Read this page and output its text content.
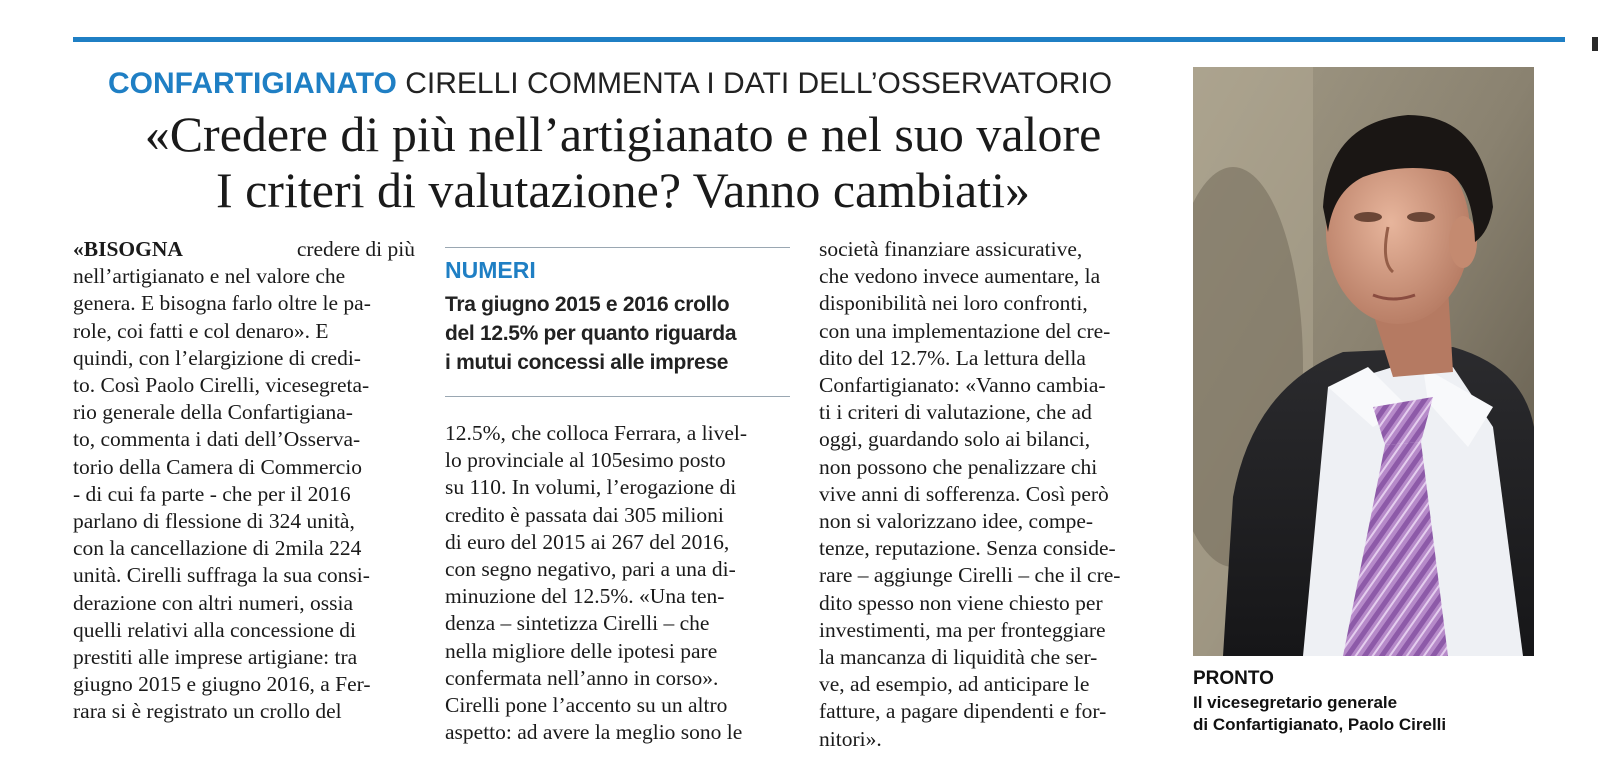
CONFARTIGIANATO CIRELLI COMMENTA I DATI DELL’OSSERVATORIO
«Credere di più nell’artigianato e nel suo valore
I criteri di valutazione? Vanno cambiati»
«BISOGNA	credere di più
nell’artigianato e nel valore che
genera. E bisogna farlo oltre le pa-
role, coi fatti e col denaro». E
quindi, con l’elargizione di credi-
to. Così Paolo Cirelli, vicesegreta-
rio generale della Confartigiana-
to, commenta i dati dell’Osserva-
torio della Camera di Commercio
- di cui fa parte - che per il 2016
parlano di flessione di 324 unità,
con la cancellazione di 2mila 224
unità. Cirelli suffraga la sua consi-
derazione con altri numeri, ossia
quelli relativi alla concessione di
prestiti alle imprese artigiane: tra
giugno 2015 e giugno 2016, a Fer-
rara si è registrato un crollo del
NUMERI
Tra giugno 2015 e 2016 crollo
del 12.5% per quanto riguarda
i mutui concessi alle imprese
12.5%, che colloca Ferrara, a livel-
lo provinciale al 105esimo posto
su 110. In volumi, l’erogazione di
credito è passata dai 305 milioni
di euro del 2015 ai 267 del 2016,
con segno negativo, pari a una di-
minuzione del 12.5%. «Una ten-
denza – sintetizza Cirelli – che
nella migliore delle ipotesi pare
confermata nell’anno in corso».
Cirelli pone l’accento su un altro
aspetto: ad avere la meglio sono le
società finanziare assicurative,
che vedono invece aumentare, la
disponibilità nei loro confronti,
con una implementazione del cre-
dito del 12.7%. La lettura della
Confartigianato: «Vanno cambia-
ti i criteri di valutazione, che ad
oggi, guardando solo ai bilanci,
non possono che penalizzare chi
vive anni di sofferenza. Così però
non si valorizzano idee, compe-
tenze, reputazione. Senza conside-
rare – aggiunge Cirelli – che il cre-
dito spesso non viene chiesto per
investimenti, ma per fronteggiare
la mancanza di liquidità che ser-
ve, ad esempio, ad anticipare le
fatture, a pagare dipendenti e for-
nitori».
PRONTO
Il vicesegretario generale
di Confartigianato, Paolo Cirelli
